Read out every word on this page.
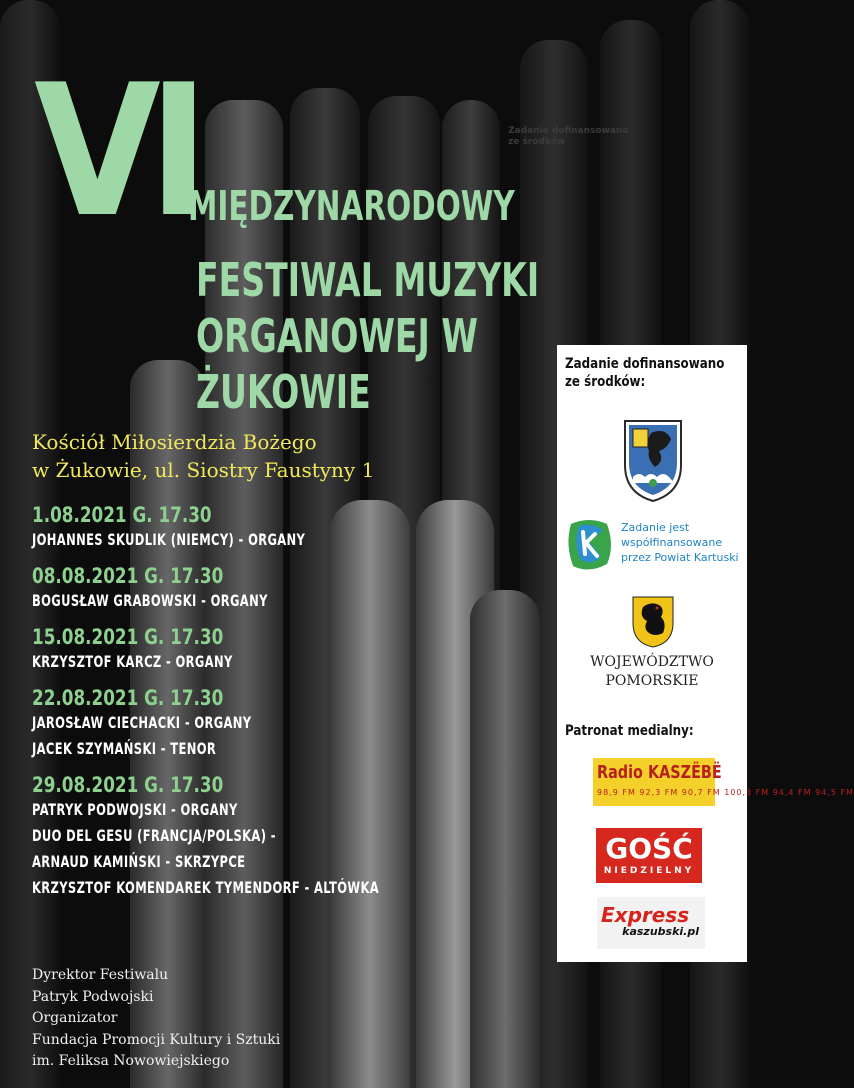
Zadanie dofinansowano
ze środków
VI
MIĘDZYNARODOWY
FESTIWAL MUZYKI
ORGANOWEJ W
ŻUKOWIE
Kościół Miłosierdzia Bożego
w Żukowie, ul. Siostry Faustyny 1
1.08.2021 G. 17.30
JOHANNES SKUDLIK (NIEMCY) - ORGANY
08.08.2021 G. 17.30
BOGUSŁAW GRABOWSKI - ORGANY
15.08.2021 G. 17.30
KRZYSZTOF KARCZ - ORGANY
22.08.2021 G. 17.30
JAROSŁAW CIECHACKI - ORGANY
JACEK SZYMAŃSKI - TENOR
29.08.2021 G. 17.30
PATRYK PODWOJSKI - ORGANY
DUO DEL GESU (FRANCJA/POLSKA) -
ARNAUD KAMIŃSKI - SKRZYPCE
KRZYSZTOF KOMENDAREK TYMENDORF - ALTÓWKA
Dyrektor Festiwalu
Patryk Podwojski
Organizator
Fundacja Promocji Kultury i Sztuki
im. Feliksa Nowowiejskiego
Zadanie dofinansowano
ze środków:
Zadanie jest
współfinansowane
przez Powiat Kartuski
WOJEWÓDZTWO
POMORSKIE
Patronat medialny:
Radio KASZËBË
98,9 FM 92,3 FM 90,7 FM 100,3 FM 94,4 FM 94,5 FM
GOŚĆ
NIEDZIELNY
Express
kaszubski.pl
